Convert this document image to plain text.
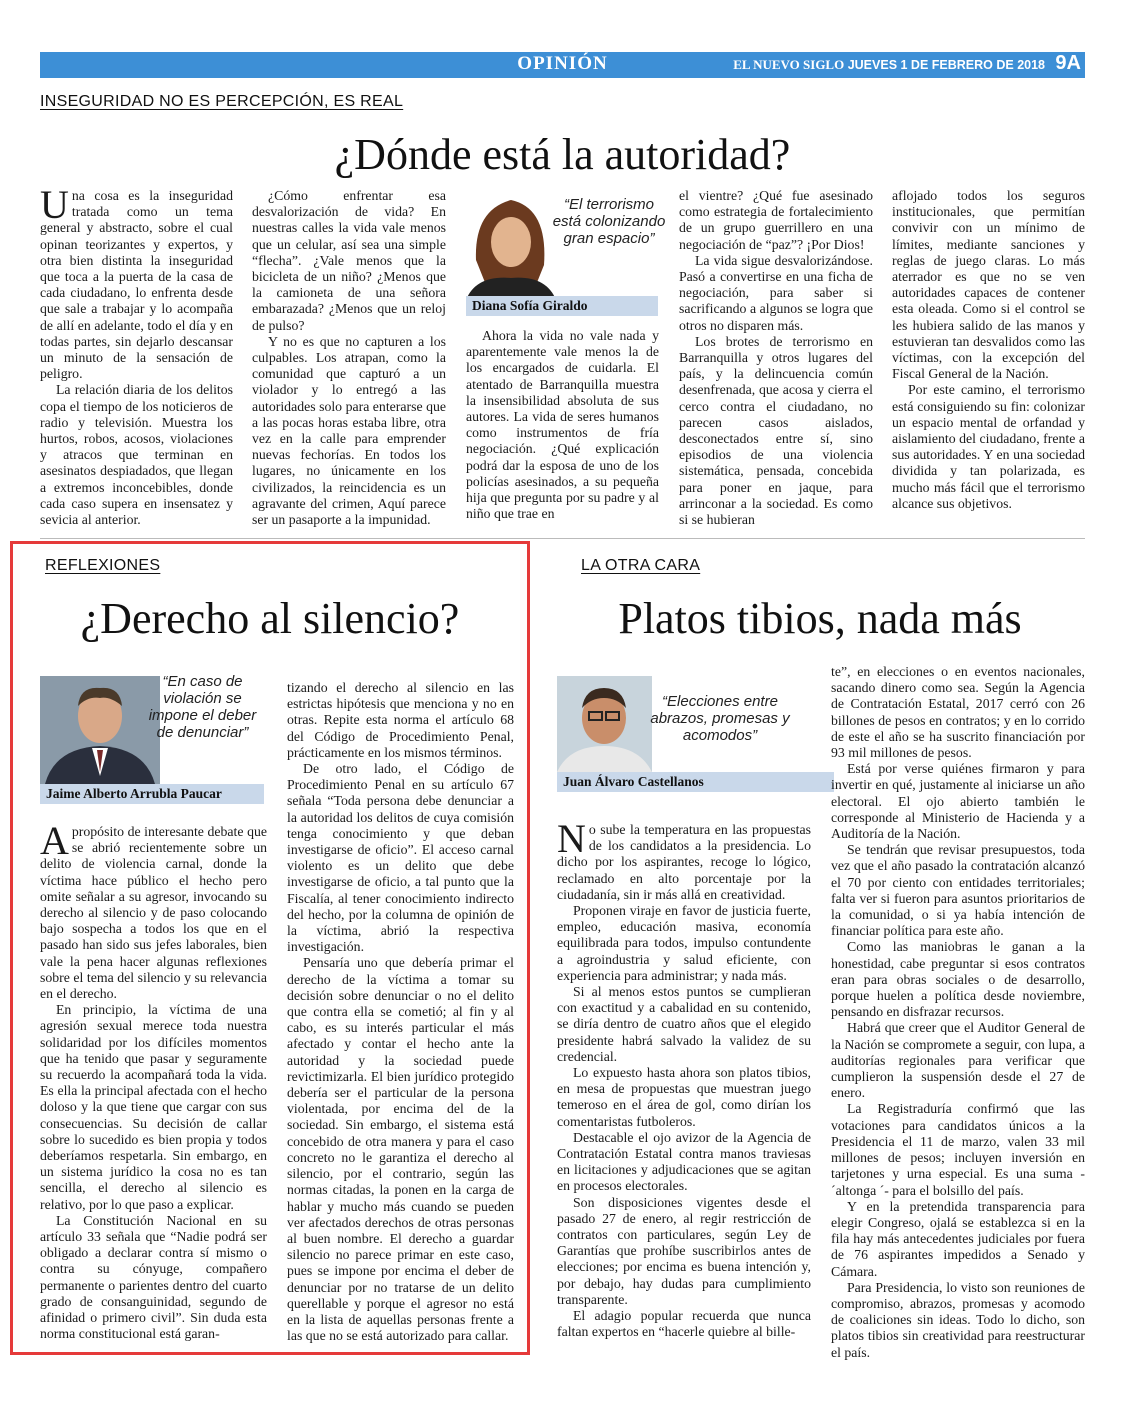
OPINIÓN	EL NUEVO SIGLO JUEVES 1 DE FEBRERO DE 2018 9A
INSEGURIDAD NO ES PERCEPCIÓN, ES REAL
¿Dónde está la autoridad?

Una cosa es la inseguridad tratada como un tema general y abstracto, sobre el cual opinan teorizantes y expertos, y otra bien distinta la inseguridad que toca a la puerta de la casa de cada ciudadano, lo enfrenta desde que sale a trabajar y lo acompaña de allí en adelante, todo el día y en todas partes, sin dejarlo descansar un minuto de la sensación de peligro.

La relación diaria de los delitos copa el tiempo de los noticieros de radio y televisión. Muestra los hurtos, robos, acosos, violaciones y atracos que terminan en asesinatos despiadados, que llegan a extremos inconcebibles, donde cada caso supera en insensatez y sevicia al anterior.

¿Cómo enfrentar esa desvalorización de vida? En nuestras calles la vida vale menos que un celular, así sea una simple “flecha”. ¿Vale menos que la bicicleta de un niño? ¿Menos que la camioneta de una señora embarazada? ¿Menos que un reloj de pulso?

Y no es que no capturen a los culpables. Los atrapan, como la comunidad que capturó a un violador y lo entregó a las autoridades solo para enterarse que a las pocas horas estaba libre, otra vez en la calle para emprender nuevas fechorías. En todos los lugares, no únicamente en los civilizados, la reincidencia es un agravante del crimen, Aquí parece ser un pasaporte a la impunidad.

“El terrorismo está colonizando gran espacio”
Diana Sofía Giraldo

Ahora la vida no vale nada y aparentemente vale menos la de los encargados de cuidarla. El atentado de Barranquilla muestra la insensibilidad absoluta de sus autores. La vida de seres humanos como instrumentos de fría negociación. ¿Qué explicación podrá dar la esposa de uno de los policías asesinados, a su pequeña hija que pregunta por su padre y al niño que trae en

el vientre? ¿Qué fue asesinado como estrategia de fortalecimiento de un grupo guerrillero en una negociación de “paz”? ¡Por Dios!

La vida sigue desvalorizándose. Pasó a convertirse en una ficha de negociación, para saber si sacrificando a algunos se logra que otros no disparen más.

Los brotes de terrorismo en Barranquilla y otros lugares del país, y la delincuencia común desenfrenada, que acosa y cierra el cerco contra el ciudadano, no parecen casos aislados, desconectados entre sí, sino episodios de una violencia sistemática, pensada, concebida para poner en jaque, para arrinconar a la sociedad. Es como si se hubieran

aflojado todos los seguros institucionales, que permitían convivir con un mínimo de límites, mediante sanciones y reglas de juego claras. Lo más aterrador es que no se ven autoridades capaces de contener esta oleada. Como si el control se les hubiera salido de las manos y estuvieran tan desvalidos como las víctimas, con la excepción del Fiscal General de la Nación.

Por este camino, el terrorismo está consiguiendo su fin: colonizar un espacio mental de orfandad y aislamiento del ciudadano, frente a sus autoridades. Y en una sociedad dividida y tan polarizada, es mucho más fácil que el terrorismo alcance sus objetivos.

REFLEXIONES
¿Derecho al silencio?
“En caso de violación se impone el deber de denunciar”
Jaime Alberto Arrubla Paucar

Apropósito de interesante debate que se abrió recientemente sobre un delito de violencia carnal, donde la víctima hace público el hecho pero omite señalar a su agresor, invocando su derecho al silencio y de paso colocando bajo sospecha a todos los que en el pasado han sido sus jefes laborales, bien vale la pena hacer algunas reflexiones sobre el tema del silencio y su relevancia en el derecho.

En principio, la víctima de una agresión sexual merece toda nuestra solidaridad por los difíciles momentos que ha tenido que pasar y seguramente su recuerdo la acompañará toda la vida. Es ella la principal afectada con el hecho doloso y la que tiene que cargar con sus consecuencias. Su decisión de callar sobre lo sucedido es bien propia y todos deberíamos respetarla. Sin embargo, en un sistema jurídico la cosa no es tan sencilla, el derecho al silencio es relativo, por lo que paso a explicar.

La Constitución Nacional en su artículo 33 señala que “Nadie podrá ser obligado a declarar contra sí mismo o contra su cónyuge, compañero permanente o parientes dentro del cuarto grado de consanguinidad, segundo de afinidad o primero civil”. Sin duda esta norma constitucional está garan-

tizando el derecho al silencio en las estrictas hipótesis que menciona y no en otras. Repite esta norma el artículo 68 del Código de Procedimiento Penal, prácticamente en los mismos términos.

De otro lado, el Código de Procedimiento Penal en su artículo 67 señala “Toda persona debe denunciar a la autoridad los delitos de cuya comisión tenga conocimiento y que deban investigarse de oficio”. El acceso carnal violento es un delito que debe investigarse de oficio, a tal punto que la Fiscalía, al tener conocimiento indirecto del hecho, por la columna de opinión de la víctima, abrió la respectiva investigación.

Pensaría uno que debería primar el derecho de la víctima a tomar su decisión sobre denunciar o no el delito que contra ella se cometió; al fin y al cabo, es su interés particular el más afectado y contar el hecho ante la autoridad y la sociedad puede revictimizarla. El bien jurídico protegido debería ser el particular de la persona violentada, por encima del de la sociedad. Sin embargo, el sistema está concebido de otra manera y para el caso concreto no le garantiza el derecho al silencio, por el contrario, según las normas citadas, la ponen en la carga de hablar y mucho más cuando se pueden ver afectados derechos de otras personas al buen nombre. El derecho a guardar silencio no parece primar en este caso, pues se impone por encima el deber de denunciar por no tratarse de un delito querellable y porque el agresor no está en la lista de aquellas personas frente a las que no se está autorizado para callar.

LA OTRA CARA
Platos tibios, nada más
“Elecciones entre abrazos, promesas y acomodos”
Juan Álvaro Castellanos

No sube la temperatura en las propuestas de los candidatos a la presidencia. Lo dicho por los aspirantes, recoge lo lógico, reclamado en alto porcentaje por la ciudadanía, sin ir más allá en creatividad.

Proponen viraje en favor de justicia fuerte, empleo, educación masiva, economía equilibrada para todos, impulso contundente a agroindustria y salud eficiente, con experiencia para administrar; y nada más.

Si al menos estos puntos se cumplieran con exactitud y a cabalidad en su contenido, se diría dentro de cuatro años que el elegido presidente habrá salvado la validez de su credencial.

Lo expuesto hasta ahora son platos tibios, en mesa de propuestas que muestran juego temeroso en el área de gol, como dirían los comentaristas futboleros.

Destacable el ojo avizor de la Agencia de Contratación Estatal contra manos traviesas en licitaciones y adjudicaciones que se agitan en procesos electorales.

Son disposiciones vigentes desde el pasado 27 de enero, al regir restricción de contratos con particulares, según Ley de Garantías que prohíbe suscribirlos antes de elecciones; por encima es buena intención y, por debajo, hay dudas para cumplimiento transparente.

El adagio popular recuerda que nunca faltan expertos en “hacerle quiebre al bille-

te”, en elecciones o en eventos nacionales, sacando dinero como sea. Según la Agencia de Contratación Estatal, 2017 cerró con 26 billones de pesos en contratos; y en lo corrido de este el año se ha suscrito financiación por 93 mil millones de pesos.

Está por verse quiénes firmaron y para invertir en qué, justamente al iniciarse un año electoral. El ojo abierto también le corresponde al Ministerio de Hacienda y a Auditoría de la Nación.

Se tendrán que revisar presupuestos, toda vez que el año pasado la contratación alcanzó el 70 por ciento con entidades territoriales; falta ver si fueron para asuntos prioritarios de la comunidad, o si ya había intención de financiar política para este año.

Como las maniobras le ganan a la honestidad, cabe preguntar si esos contratos eran para obras sociales o de desarrollo, porque huelen a política desde noviembre, pensando en disfrazar recursos.

Habrá que creer que el Auditor General de la Nación se compromete a seguir, con lupa, a auditorías regionales para verificar que cumplieron la suspensión desde el 27 de enero.

La Registraduría confirmó que las votaciones para candidatos únicos a la Presidencia el 11 de marzo, valen 33 mil millones de pesos; incluyen inversión en tarjetones y urna especial. Es una suma - ´altonga ´- para el bolsillo del país.

Y en la pretendida transparencia para elegir Congreso, ojalá se establezca si en la fila hay más antecedentes judiciales por fuera de 76 aspirantes impedidos a Senado y Cámara.

Para Presidencia, lo visto son reuniones de compromiso, abrazos, promesas y acomodo de coaliciones sin ideas. Todo lo dicho, son platos tibios sin creatividad para reestructurar el país.
